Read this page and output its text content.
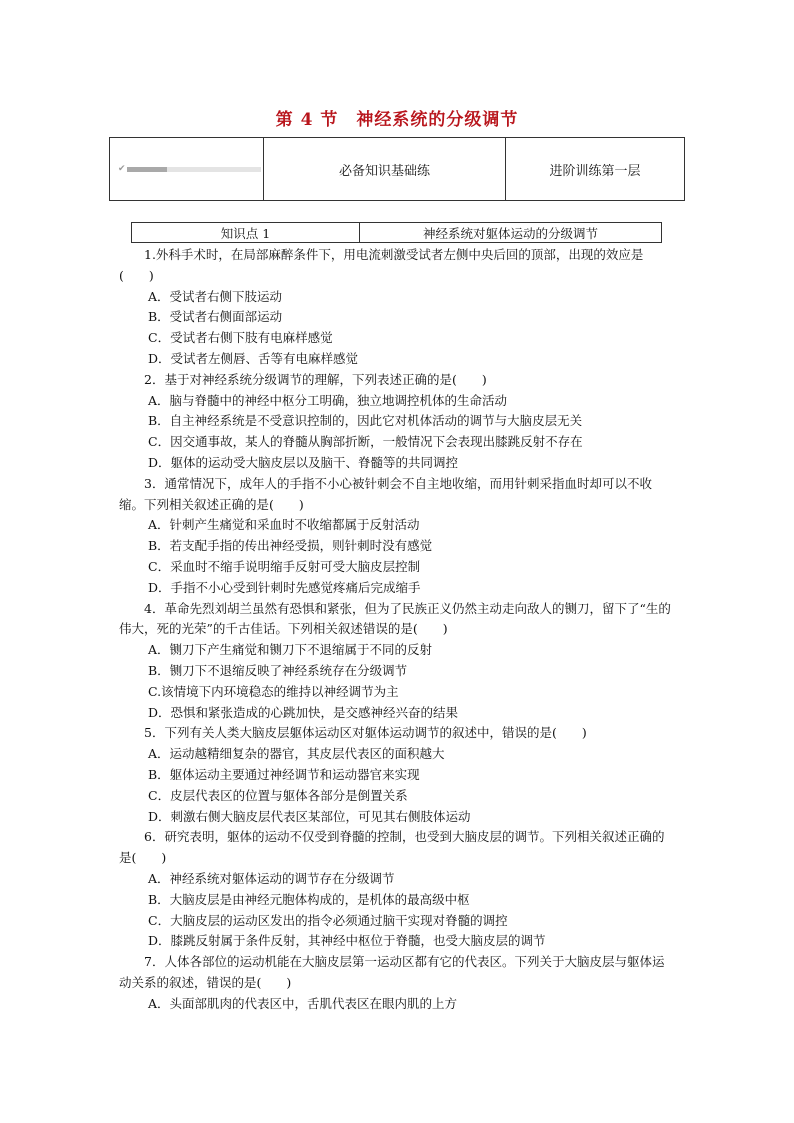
第 4 节　神经系统的分级调节
✔	必备知识基础练	进阶训练第一层
知识点 1	神经系统对躯体运动的分级调节

1.外科手术时，在局部麻醉条件下，用电流刺激受试者左侧中央后回的顶部，出现的效应是(　　)

A．受试者右侧下肢运动

B．受试者右侧面部运动

C．受试者右侧下肢有电麻样感觉

D．受试者左侧唇、舌等有电麻样感觉

2．基于对神经系统分级调节的理解，下列表述正确的是(　　)

A．脑与脊髓中的神经中枢分工明确，独立地调控机体的生命活动

B．自主神经系统是不受意识控制的，因此它对机体活动的调节与大脑皮层无关

C．因交通事故，某人的脊髓从胸部折断，一般情况下会表现出膝跳反射不存在

D．躯体的运动受大脑皮层以及脑干、脊髓等的共同调控

3．通常情况下，成年人的手指不小心被针刺会不自主地收缩，而用针刺采指血时却可以不收缩。下列相关叙述正确的是(　　)

A．针刺产生痛觉和采血时不收缩都属于反射活动

B．若支配手指的传出神经受损，则针刺时没有感觉

C．采血时不缩手说明缩手反射可受大脑皮层控制

D．手指不小心受到针刺时先感觉疼痛后完成缩手

4．革命先烈刘胡兰虽然有恐惧和紧张，但为了民族正义仍然主动走向敌人的铡刀，留下了“生的伟大，死的光荣”的千古佳话。下列相关叙述错误的是(　　)

A．铡刀下产生痛觉和铡刀下不退缩属于不同的反射

B．铡刀下不退缩反映了神经系统存在分级调节

C.该情境下内环境稳态的维持以神经调节为主

D．恐惧和紧张造成的心跳加快，是交感神经兴奋的结果

5．下列有关人类大脑皮层躯体运动区对躯体运动调节的叙述中，错误的是(　　)

A．运动越精细复杂的器官，其皮层代表区的面积越大

B．躯体运动主要通过神经调节和运动器官来实现

C．皮层代表区的位置与躯体各部分是倒置关系

D．刺激右侧大脑皮层代表区某部位，可见其右侧肢体运动

6．研究表明，躯体的运动不仅受到脊髓的控制，也受到大脑皮层的调节。下列相关叙述正确的是(　　)

A．神经系统对躯体运动的调节存在分级调节

B．大脑皮层是由神经元胞体构成的，是机体的最高级中枢

C．大脑皮层的运动区发出的指令必须通过脑干实现对脊髓的调控

D．膝跳反射属于条件反射，其神经中枢位于脊髓，也受大脑皮层的调节

7．人体各部位的运动机能在大脑皮层第一运动区都有它的代表区。下列关于大脑皮层与躯体运动关系的叙述，错误的是(　　)

A．头面部肌肉的代表区中，舌肌代表区在眼内肌的上方
